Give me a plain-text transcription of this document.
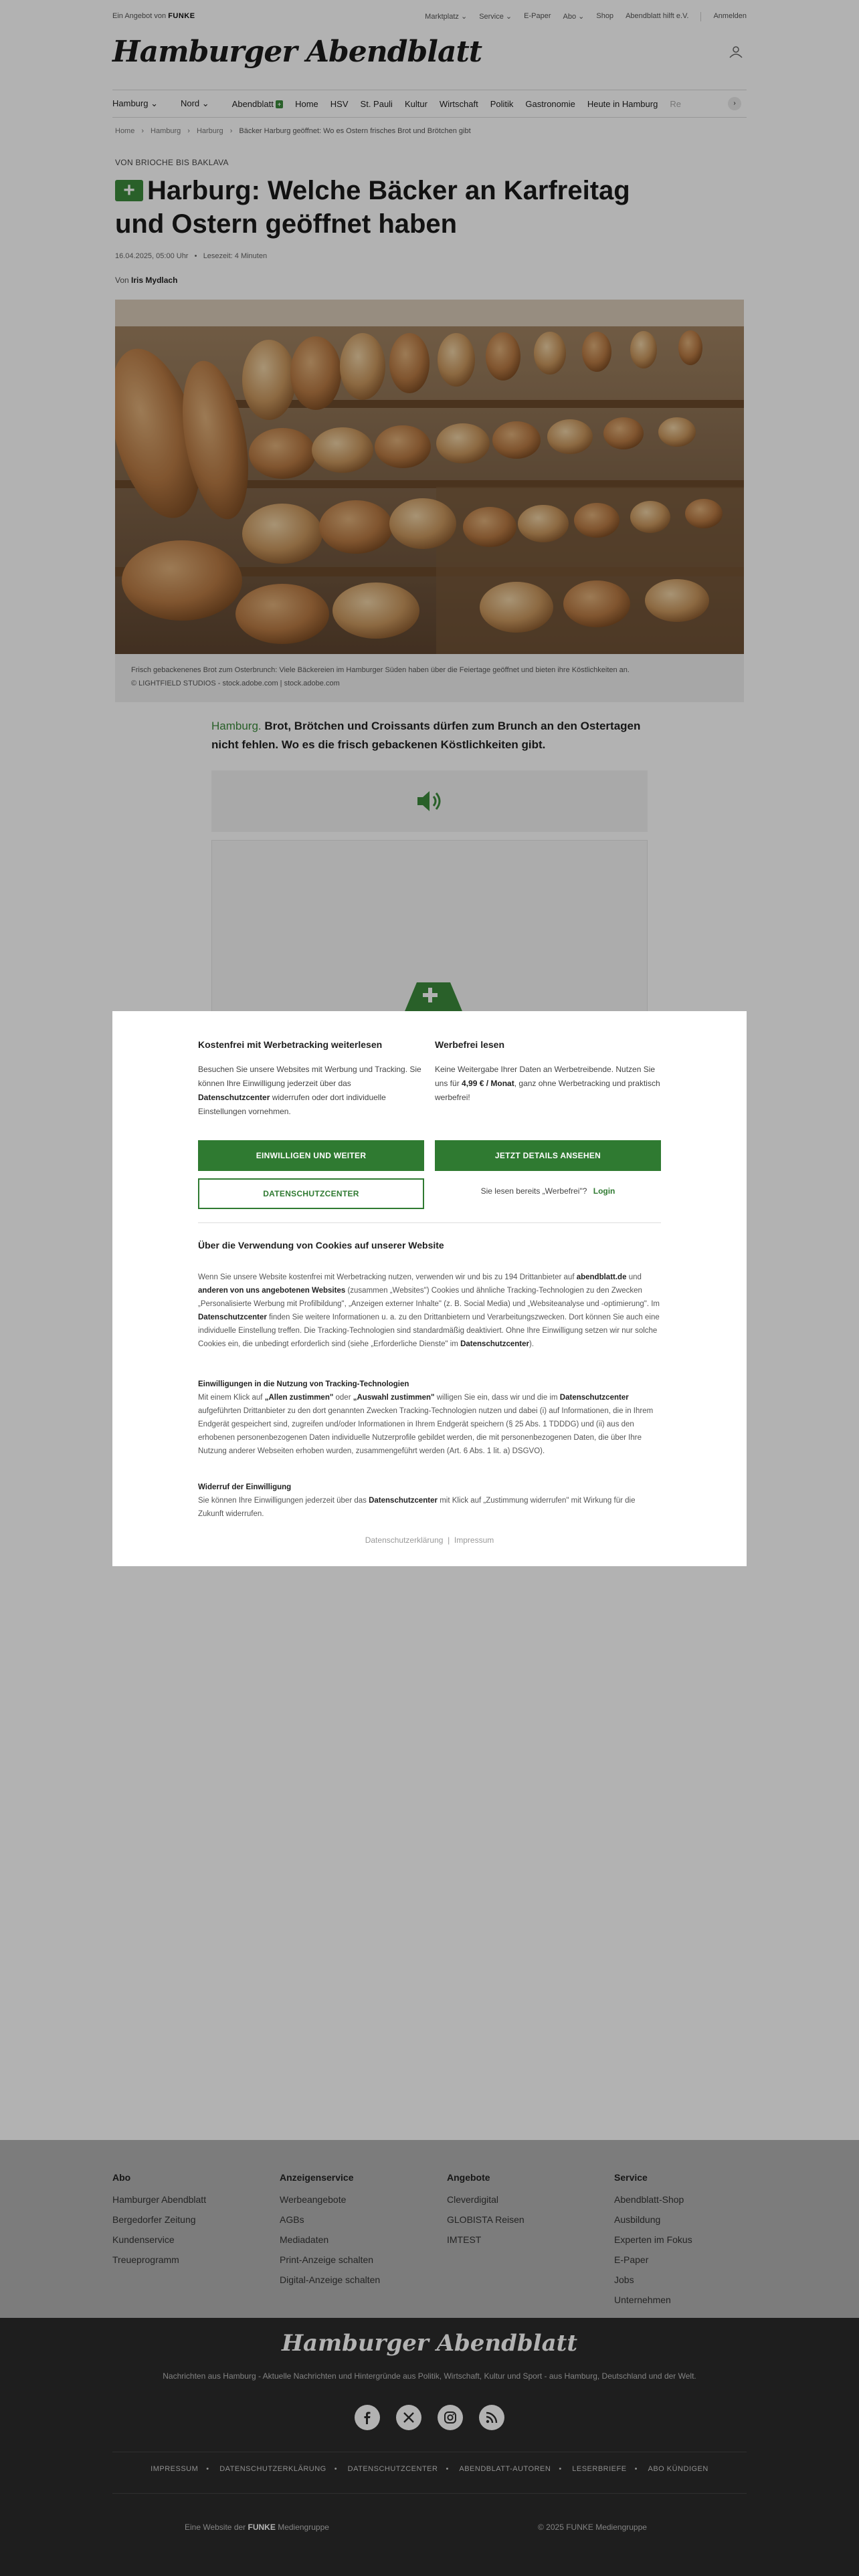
Ein Angebot von FUNKE	Marktplatz ⌄ Service ⌄ E-Paper Abo ⌄ Shop Abendblatt hilft e.V.	Anmelden
Hamburger Abendblatt
Hamburg ⌄	Nord ⌄	Abendblatt + Home HSV St. Pauli Kultur Wirtschaft Politik Gastronomie Heute in Hamburg Re	›
Home › Hamburg › Harburg › Bäcker Harburg geöffnet: Wo es Ostern frisches Brot und Brötchen gibt
VON BRIOCHE BIS BAKLAVA
+ Harburg: Welche Bäcker an Karfreitag und Ostern geöffnet haben
16.04.2025, 05:00 Uhr   •   Lesezeit: 4 Minuten
Von Iris Mydlach
Frisch gebackenenes Brot zum Osterbrunch: Viele Bäckereien im Hamburger Süden haben über die Feiertage geöffnet und bieten ihre Köstlichkeiten an.
© LIGHTFIELD STUDIOS - stock.adobe.com | stock.adobe.com
Hamburg. Brot, Brötchen und Croissants dürfen zum Brunch an den Ostertagen nicht fehlen. Wo es die frisch gebackenen Köstlichkeiten gibt.
Kostenfrei mit Werbetracking weiterlesen

Besuchen Sie unsere Websites mit Werbung und Tracking. Sie können Ihre Einwilligung jederzeit über das Datenschutzcenter widerrufen oder dort individuelle Einstellungen vornehmen.

Werbefrei lesen

Keine Weitergabe Ihrer Daten an Werbetreibende. Nutzen Sie uns für 4,99 € / Monat, ganz ohne Werbetracking und praktisch werbefrei!

EINWILLIGEN UND WEITER	JETZT DETAILS ANSEHEN
DATENSCHUTZCENTER	Sie lesen bereits „Werbefrei"? Login
Über die Verwendung von Cookies auf unserer Website
Wenn Sie unsere Website kostenfrei mit Werbetracking nutzen, verwenden wir und bis zu 194 Drittanbieter auf abendblatt.de und anderen von uns angebotenen Websites (zusammen „Websites") Cookies und ähnliche Tracking-Technologien zu den Zwecken „Personalisierte Werbung mit Profilbildung", „Anzeigen externer Inhalte" (z. B. Social Media) und „Websiteanalyse und -optimierung". Im Datenschutzcenter finden Sie weitere Informationen u. a. zu den Drittanbietern und Verarbeitungszwecken. Dort können Sie auch eine individuelle Einstellung treffen. Die Tracking-Technologien sind standardmäßig deaktiviert. Ohne Ihre Einwilligung setzen wir nur solche Cookies ein, die unbedingt erforderlich sind (siehe „Erforderliche Dienste" im Datenschutzcenter).
Einwilligungen in die Nutzung von Tracking-Technologien
Mit einem Klick auf „Allen zustimmen" oder „Auswahl zustimmen" willigen Sie ein, dass wir und die im Datenschutzcenter aufgeführten Drittanbieter zu den dort genannten Zwecken Tracking-Technologien nutzen und dabei (i) auf Informationen, die in Ihrem Endgerät gespeichert sind, zugreifen und/oder Informationen in Ihrem Endgerät speichern (§ 25 Abs. 1 TDDDG) und (ii) aus den erhobenen personenbezogenen Daten individuelle Nutzerprofile gebildet werden, die mit personenbezogenen Daten, die über Ihre Nutzung anderer Webseiten erhoben wurden, zusammengeführt werden (Art. 6 Abs. 1 lit. a) DSGVO).
Widerruf der Einwilligung
Sie können Ihre Einwilligungen jederzeit über das Datenschutzcenter mit Klick auf „Zustimmung widerrufen" mit Wirkung für die Zukunft widerrufen.
Datenschutzerklärung | Impressum
Abo
Hamburger Abendblatt
Bergedorfer Zeitung
Kundenservice
Treueprogramm
Anzeigenservice
Werbeangebote
AGBs
Mediadaten
Print-Anzeige schalten
Digital-Anzeige schalten
Angebote
Cleverdigital
GLOBISTA Reisen
IMTEST
Service
Abendblatt-Shop
Ausbildung
Experten im Fokus
E-Paper
Jobs
Unternehmen
Hamburger Abendblatt
Nachrichten aus Hamburg - Aktuelle Nachrichten und Hintergründe aus Politik, Wirtschaft, Kultur und Sport - aus Hamburg, Deutschland und der Welt.
IMPRESSUM • DATENSCHUTZERKLÄRUNG • DATENSCHUTZCENTER • ABENDBLATT-AUTOREN • LESERBRIEFE • ABO KÜNDIGEN
Eine Website der FUNKE Mediengruppe	© 2025 FUNKE Mediengruppe
